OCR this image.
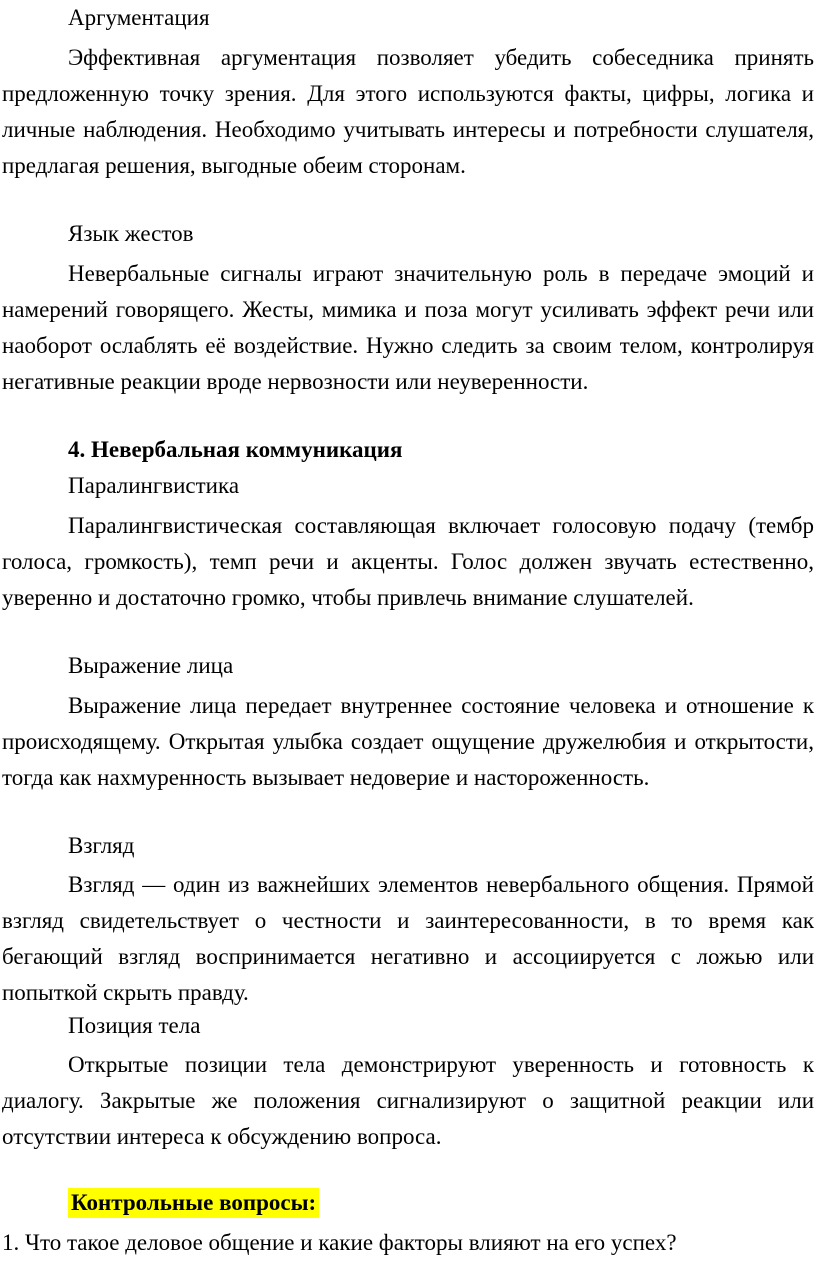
Аргументация

Эффективная аргументация позволяет убедить собеседника принять предложенную точку зрения. Для этого используются факты, цифры, логика и личные наблюдения. Необходимо учитывать интересы и потребности слушателя, предлагая решения, выгодные обеим сторонам.

Язык жестов

Невербальные сигналы играют значительную роль в передаче эмоций и намерений говорящего. Жесты, мимика и поза могут усиливать эффект речи или наоборот ослаблять её воздействие. Нужно следить за своим телом, контролируя негативные реакции вроде нервозности или неуверенности.

4. Невербальная коммуникация
Паралингвистика

Паралингвистическая составляющая включает голосовую подачу (тембр голоса, громкость), темп речи и акценты. Голос должен звучать естественно, уверенно и достаточно громко, чтобы привлечь внимание слушателей.

Выражение лица

Выражение лица передает внутреннее состояние человека и отношение к происходящему. Открытая улыбка создает ощущение дружелюбия и открытости, тогда как нахмуренность вызывает недоверие и настороженность.

Взгляд

Взгляд — один из важнейших элементов невербального общения. Прямой взгляд свидетельствует о честности и заинтересованности, в то время как бегающий взгляд воспринимается негативно и ассоциируется с ложью или попыткой скрыть правду.

Позиция тела

Открытые позиции тела демонстрируют уверенность и готовность к диалогу. Закрытые же положения сигнализируют о защитной реакции или отсутствии интереса к обсуждению вопроса.

Контрольные вопросы:
1. Что такое деловое общение и какие факторы влияют на его успех?
